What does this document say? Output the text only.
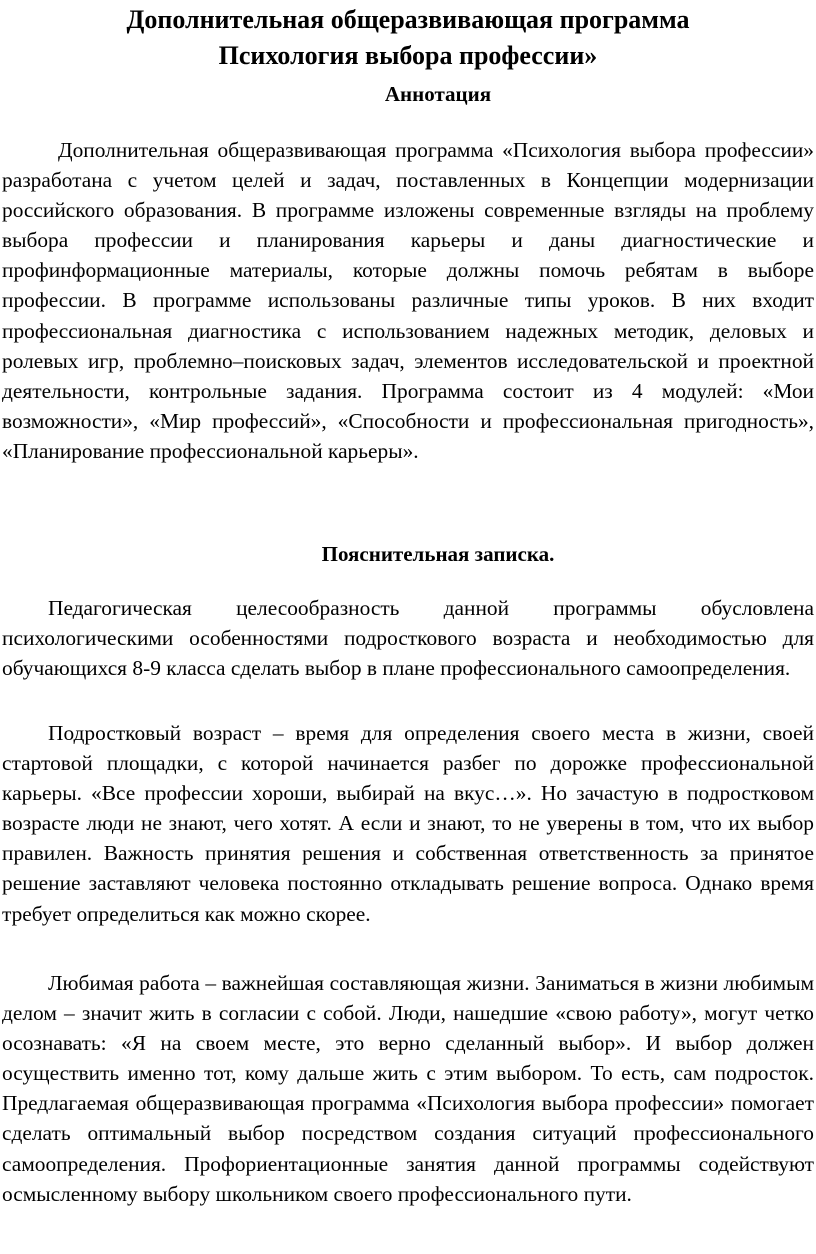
Дополнительная общеразвивающая программа
Психология выбора профессии»
Аннотация

Дополнительная общеразвивающая программа «Психология выбора профессии» разработана с учетом целей и задач, поставленных в Концепции модернизации российского образования. В программе изложены современные взгляды на проблему выбора профессии и планирования карьеры и даны диагностические и профинформационные материалы, которые должны помочь ребятам в выборе профессии. В программе использованы различные типы уроков. В них входит профессиональная диагностика с использованием надежных методик, деловых и ролевых игр, проблемно–поисковых задач, элементов исследовательской и проектной деятельности, контрольные задания. Программа состоит из 4 модулей: «Мои возможности», «Мир профессий», «Способности и профессиональная пригодность», «Планирование профессиональной карьеры».

Пояснительная записка.

Педагогическая целесообразность данной программы обусловлена психологическими особенностями подросткового возраста и необходимостью для обучающихся 8-9 класса сделать выбор в плане профессионального самоопределения.

Подростковый возраст – время для определения своего места в жизни, своей стартовой площадки, с которой начинается разбег по дорожке профессиональной карьеры. «Все профессии хороши, выбирай на вкус…». Но зачастую в подростковом возрасте люди не знают, чего хотят. А если и знают, то не уверены в том, что их выбор правилен. Важность принятия решения и собственная ответственность за принятое решение заставляют человека постоянно откладывать решение вопроса. Однако время требует определиться как можно скорее.

Любимая работа – важнейшая составляющая жизни. Заниматься в жизни любимым делом – значит жить в согласии с собой. Люди, нашедшие «свою работу», могут четко осознавать: «Я на своем месте, это верно сделанный выбор». И выбор должен осуществить именно тот, кому дальше жить с этим выбором. То есть, сам подросток. Предлагаемая общеразвивающая программа «Психология выбора профессии» помогает сделать оптимальный выбор посредством создания ситуаций профессионального самоопределения. Профориентационные занятия данной программы содействуют осмысленному выбору школьником своего профессионального пути.
